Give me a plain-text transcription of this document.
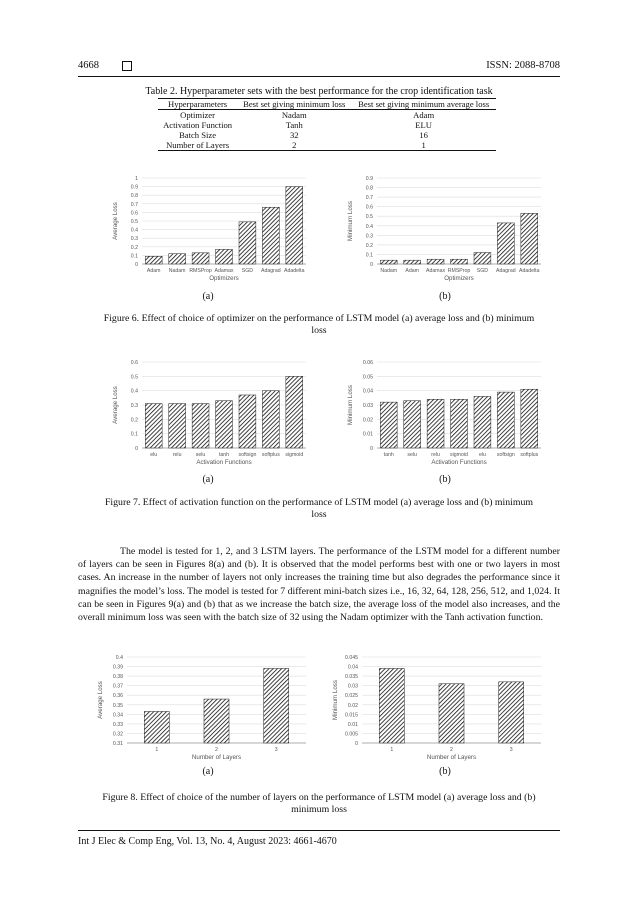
4668	ISSN: 2088-8708
Table 2. Hyperparameter sets with the best performance for the crop identification task
Hyperparameters	Best set giving minimum loss	Best set giving minimum average loss
Optimizer	Nadam	Adam
Activation Function	Tanh	ELU
Batch Size	32	16
Number of Layers	2	1
0
0.1
0.2
0.3
0.4
0.5
0.6
0.7
0.8
0.9
1
Adam Nadam RMSProp Adamax SGD Adagrad Adadelta
Optimizers
Average Loss
0
0.1
0.2
0.3
0.4
0.5
0.6
0.7
0.8
0.9
Nadam Adam Adamax RMSProp SGD Adagrad Adadelta
Optimizers
Minimum Loss
(a)	(b)
Figure 6. Effect of choice of optimizer on the performance of LSTM model (a) average loss and (b) minimum loss
0
0.1
0.2
0.3
0.4
0.5
0.6
elu	relu	selu	tanh softsign softplus sigmoid
Activation Functions
Average Loss
0
0.01
0.02
0.03
0.04
0.05
0.06
tanh	selu	relu sigmoid elu softsign softplus
Activation Functions
Minimum Loss
(a)	(b)
Figure 7. Effect of activation function on the performance of LSTM model (a) average loss and (b) minimum loss

The model is tested for 1, 2, and 3 LSTM layers. The performance of the LSTM model for a different number of layers can be seen in Figures 8(a) and (b). It is observed that the model performs best with one or two layers in most cases. An increase in the number of layers not only increases the training time but also degrades the performance since it magnifies the model’s loss. The model is tested for 7 different mini-batch sizes i.e., 16, 32, 64, 128, 256, 512, and 1,024. It can be seen in Figures 9(a) and (b) that as we increase the batch size, the average loss of the model also increases, and the overall minimum loss was seen with the batch size of 32 using the Nadam optimizer with the Tanh activation function.

0.31
0.32
0.33
0.34
0.35
0.36
0.37
0.38
0.39
0.4
1	2	3
Number of Layers
Average Loss
0
0.005
0.01
0.015
0.02
0.025
0.03
0.035
0.04
0.045
1	2	3
Number of Layers
Minimum Loss
(a)	(b)
Figure 8. Effect of choice of the number of layers on the performance of LSTM model (a) average loss and (b) minimum loss
Int J Elec & Comp Eng, Vol. 13, No. 4, August 2023: 4661-4670
